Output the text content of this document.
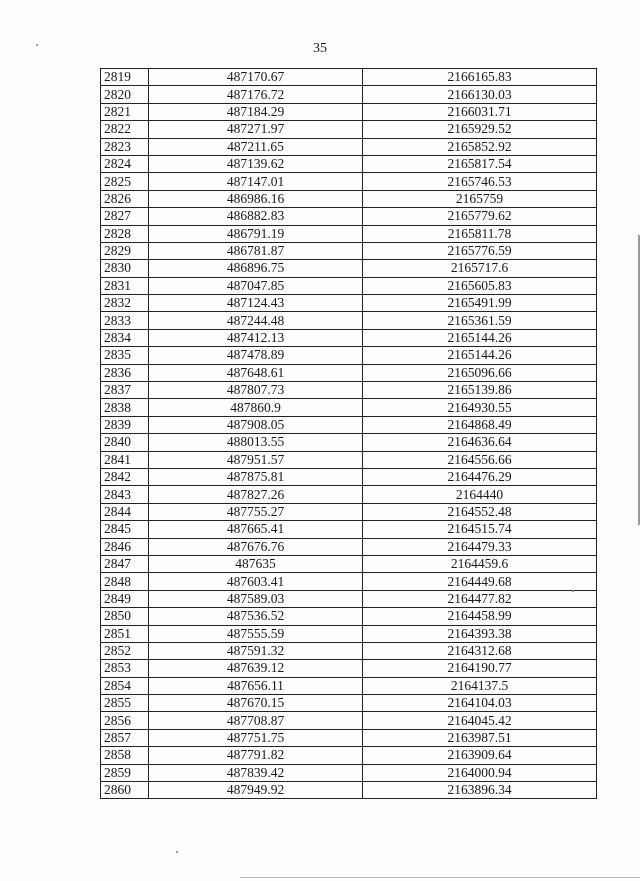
35
2819	487170.67	2166165.83
2820	487176.72	2166130.03
2821	487184.29	2166031.71
2822	487271.97	2165929.52
2823	487211.65	2165852.92
2824	487139.62	2165817.54
2825	487147.01	2165746.53
2826	486986.16	2165759
2827	486882.83	2165779.62
2828	486791.19	2165811.78
2829	486781.87	2165776.59
2830	486896.75	2165717.6
2831	487047.85	2165605.83
2832	487124.43	2165491.99
2833	487244.48	2165361.59
2834	487412.13	2165144.26
2835	487478.89	2165144.26
2836	487648.61	2165096.66
2837	487807.73	2165139.86
2838	487860.9	2164930.55
2839	487908.05	2164868.49
2840	488013.55	2164636.64
2841	487951.57	2164556.66
2842	487875.81	2164476.29
2843	487827.26	2164440
2844	487755.27	2164552.48
2845	487665.41	2164515.74
2846	487676.76	2164479.33
2847	487635	2164459.6
2848	487603.41	2164449.68
2849	487589.03	2164477.82
2850	487536.52	2164458.99
2851	487555.59	2164393.38
2852	487591.32	2164312.68
2853	487639.12	2164190.77
2854	487656.11	2164137.5
2855	487670.15	2164104.03
2856	487708.87	2164045.42
2857	487751.75	2163987.51
2858	487791.82	2163909.64
2859	487839.42	2164000.94
2860	487949.92	2163896.34
